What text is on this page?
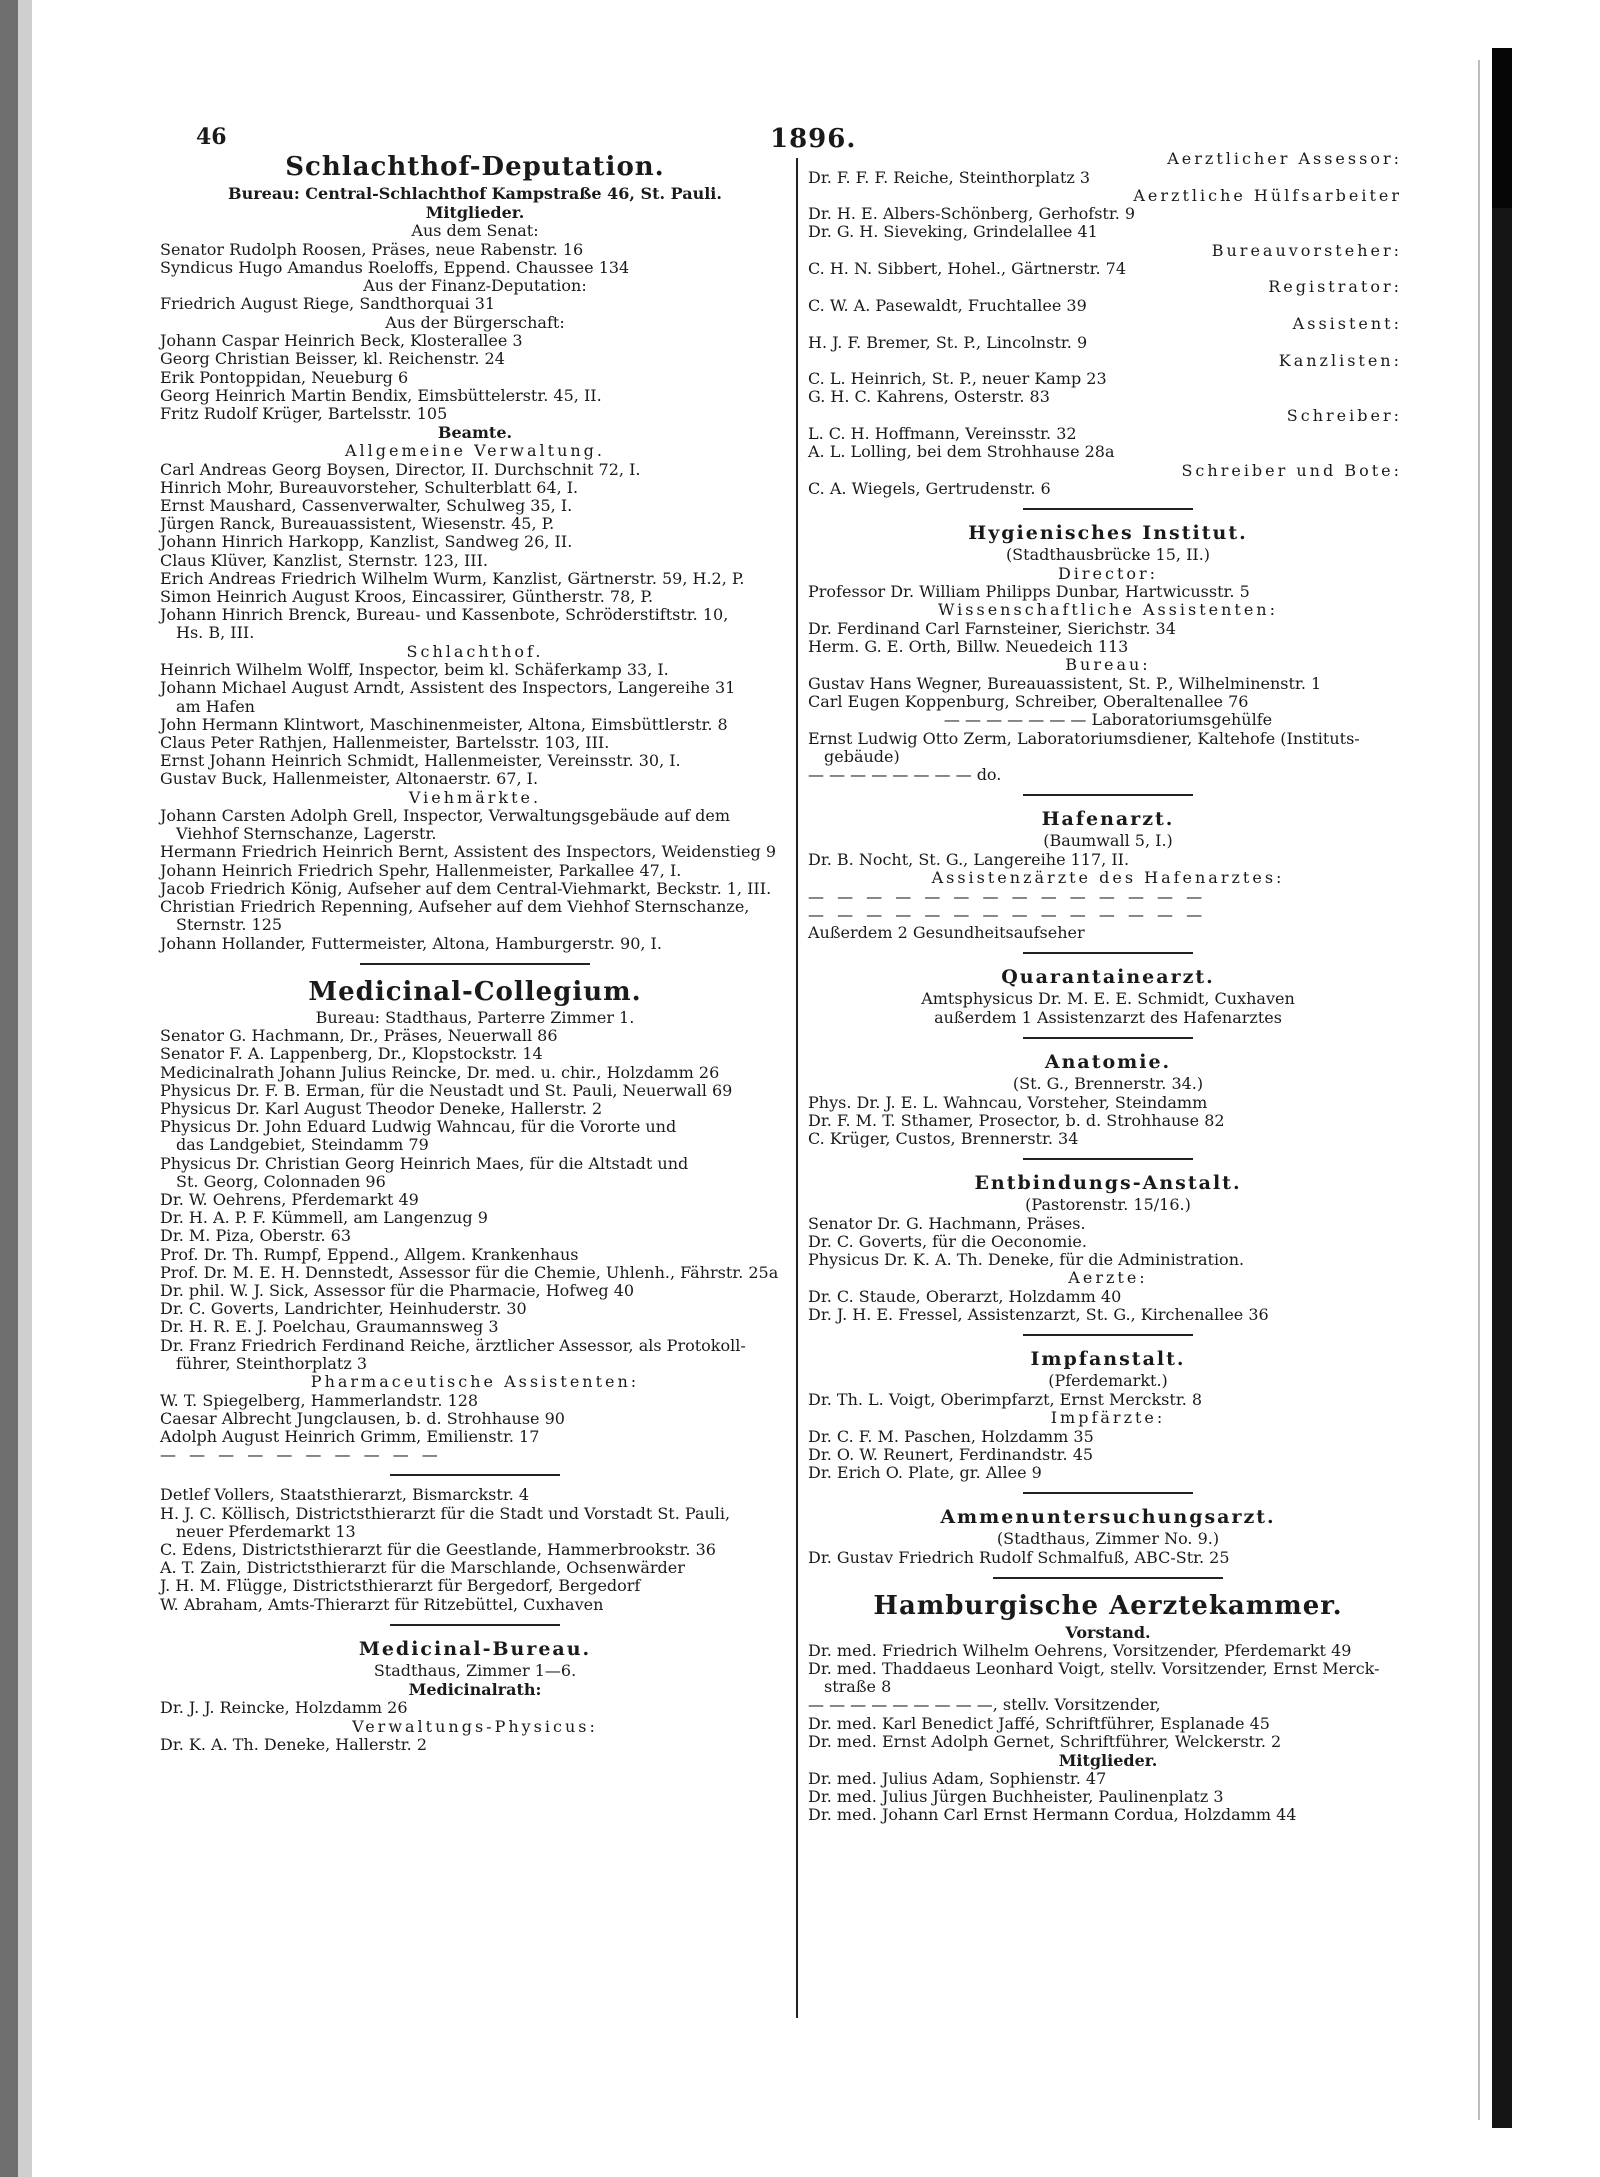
46	1896.
Schlachthof-Deputation.
Bureau: Central-Schlachthof Kampstraße 46, St. Pauli.
Mitglieder.
Aus dem Senat:
Senator Rudolph Roosen, Präses, neue Rabenstr. 16
Syndicus Hugo Amandus Roeloffs, Eppend. Chaussee 134
Aus der Finanz-Deputation:
Friedrich August Riege, Sandthorquai 31
Aus der Bürgerschaft:
Johann Caspar Heinrich Beck, Klosterallee 3
Georg Christian Beisser, kl. Reichenstr. 24
Erik Pontoppidan, Neueburg 6
Georg Heinrich Martin Bendix, Eimsbüttelerstr. 45, II.
Fritz Rudolf Krüger, Bartelsstr. 105
Beamte.
Allgemeine Verwaltung.
Carl Andreas Georg Boysen, Director, II. Durchschnit 72, I.
Hinrich Mohr, Bureauvorsteher, Schulterblatt 64, I.
Ernst Maushard, Cassenverwalter, Schulweg 35, I.
Jürgen Ranck, Bureauassistent, Wiesenstr. 45, P.
Johann Hinrich Harkopp, Kanzlist, Sandweg 26, II.
Claus Klüver, Kanzlist, Sternstr. 123, III.
Erich Andreas Friedrich Wilhelm Wurm, Kanzlist, Gärtnerstr. 59, H.2, P.
Simon Heinrich August Kroos, Eincassirer, Güntherstr. 78, P.
Johann Hinrich Brenck, Bureau- und Kassenbote, Schröderstiftstr. 10,
Hs. B, III.
Schlachthof.
Heinrich Wilhelm Wolff, Inspector, beim kl. Schäferkamp 33, I.
Johann Michael August Arndt, Assistent des Inspectors, Langereihe 31
am Hafen
John Hermann Klintwort, Maschinenmeister, Altona, Eimsbüttlerstr. 8
Claus Peter Rathjen, Hallenmeister, Bartelsstr. 103, III.
Ernst Johann Heinrich Schmidt, Hallenmeister, Vereinsstr. 30, I.
Gustav Buck, Hallenmeister, Altonaerstr. 67, I.
Viehmärkte.
Johann Carsten Adolph Grell, Inspector, Verwaltungsgebäude auf dem
Viehhof Sternschanze, Lagerstr.
Hermann Friedrich Heinrich Bernt, Assistent des Inspectors, Weidenstieg 9
Johann Heinrich Friedrich Spehr, Hallenmeister, Parkallee 47, I.
Jacob Friedrich König, Aufseher auf dem Central-Viehmarkt, Beckstr. 1, III.
Christian Friedrich Repenning, Aufseher auf dem Viehhof Sternschanze,
Sternstr. 125
Johann Hollander, Futtermeister, Altona, Hamburgerstr. 90, I.
Medicinal-Collegium.
Bureau: Stadthaus, Parterre Zimmer 1.
Senator G. Hachmann, Dr., Präses, Neuerwall 86
Senator F. A. Lappenberg, Dr., Klopstockstr. 14
Medicinalrath Johann Julius Reincke, Dr. med. u. chir., Holzdamm 26
Physicus Dr. F. B. Erman, für die Neustadt und St. Pauli, Neuerwall 69
Physicus Dr. Karl August Theodor Deneke, Hallerstr. 2
Physicus Dr. John Eduard Ludwig Wahncau, für die Vororte und
das Landgebiet, Steindamm 79
Physicus Dr. Christian Georg Heinrich Maes, für die Altstadt und
St. Georg, Colonnaden 96
Dr. W. Oehrens, Pferdemarkt 49
Dr. H. A. P. F. Kümmell, am Langenzug 9
Dr. M. Piza, Oberstr. 63
Prof. Dr. Th. Rumpf, Eppend., Allgem. Krankenhaus
Prof. Dr. M. E. H. Dennstedt, Assessor für die Chemie, Uhlenh., Fährstr. 25a
Dr. phil. W. J. Sick, Assessor für die Pharmacie, Hofweg 40
Dr. C. Goverts, Landrichter, Heinhuderstr. 30
Dr. H. R. E. J. Poelchau, Graumannsweg 3
Dr. Franz Friedrich Ferdinand Reiche, ärztlicher Assessor, als Protokoll-
führer, Steinthorplatz 3
Pharmaceutische Assistenten:
W. T. Spiegelberg, Hammerlandstr. 128
Caesar Albrecht Jungclausen, b. d. Strohhause 90
Adolph August Heinrich Grimm, Emilienstr. 17
— — — — — — — — — —
Detlef Vollers, Staatsthierarzt, Bismarckstr. 4
H. J. C. Köllisch, Districtsthierarzt für die Stadt und Vorstadt St. Pauli,
neuer Pferdemarkt 13
C. Edens, Districtsthierarzt für die Geestlande, Hammerbrookstr. 36
A. T. Zain, Districtsthierarzt für die Marschlande, Ochsenwärder
J. H. M. Flügge, Districtsthierarzt für Bergedorf, Bergedorf
W. Abraham, Amts-Thierarzt für Ritzebüttel, Cuxhaven
Medicinal-Bureau.
Stadthaus, Zimmer 1—6.
Medicinalrath:
Dr. J. J. Reincke, Holzdamm 26
Verwaltungs-Physicus:
Dr. K. A. Th. Deneke, Hallerstr. 2
Aerztlicher Assessor:
Dr. F. F. F. Reiche, Steinthorplatz 3
Aerztliche Hülfsarbeiter
Dr. H. E. Albers-Schönberg, Gerhofstr. 9
Dr. G. H. Sieveking, Grindelallee 41
Bureauvorsteher:
C. H. N. Sibbert, Hohel., Gärtnerstr. 74
Registrator:
C. W. A. Pasewaldt, Fruchtallee 39
Assistent:
H. J. F. Bremer, St. P., Lincolnstr. 9
Kanzlisten:
C. L. Heinrich, St. P., neuer Kamp 23
G. H. C. Kahrens, Osterstr. 83
Schreiber:
L. C. H. Hoffmann, Vereinsstr. 32
A. L. Lolling, bei dem Strohhause 28a
Schreiber und Bote:
C. A. Wiegels, Gertrudenstr. 6
Hygienisches Institut.
(Stadthausbrücke 15, II.)
Director:
Professor Dr. William Philipps Dunbar, Hartwicusstr. 5
Wissenschaftliche Assistenten:
Dr. Ferdinand Carl Farnsteiner, Sierichstr. 34
Herm. G. E. Orth, Billw. Neuedeich 113
Bureau:
Gustav Hans Wegner, Bureauassistent, St. P., Wilhelminenstr. 1
Carl Eugen Koppenburg, Schreiber, Oberaltenallee 76
— — — — — — — Laboratoriumsgehülfe
Ernst Ludwig Otto Zerm, Laboratoriumsdiener, Kaltehofe (Instituts-
gebäude)
— — — — — — — — do.
Hafenarzt.
(Baumwall 5, I.)
Dr. B. Nocht, St. G., Langereihe 117, II.
Assistenzärzte des Hafenarztes:
— — — — — — — — — — — — — —
— — — — — — — — — — — — — —
Außerdem 2 Gesundheitsaufseher
Quarantainearzt.
Amtsphysicus Dr. M. E. E. Schmidt, Cuxhaven
außerdem 1 Assistenzarzt des Hafenarztes
Anatomie.
(St. G., Brennerstr. 34.)
Phys. Dr. J. E. L. Wahncau, Vorsteher, Steindamm
Dr. F. M. T. Sthamer, Prosector, b. d. Strohhause 82
C. Krüger, Custos, Brennerstr. 34
Entbindungs-Anstalt.
(Pastorenstr. 15/16.)
Senator Dr. G. Hachmann, Präses.
Dr. C. Goverts, für die Oeconomie.
Physicus Dr. K. A. Th. Deneke, für die Administration.
Aerzte:
Dr. C. Staude, Oberarzt, Holzdamm 40
Dr. J. H. E. Fressel, Assistenzarzt, St. G., Kirchenallee 36
Impfanstalt.
(Pferdemarkt.)
Dr. Th. L. Voigt, Oberimpfarzt, Ernst Merckstr. 8
Impfärzte:
Dr. C. F. M. Paschen, Holzdamm 35
Dr. O. W. Reunert, Ferdinandstr. 45
Dr. Erich O. Plate, gr. Allee 9
Ammenuntersuchungsarzt.
(Stadthaus, Zimmer No. 9.)
Dr. Gustav Friedrich Rudolf Schmalfuß, ABC-Str. 25
Hamburgische Aerztekammer.
Vorstand.
Dr. med. Friedrich Wilhelm Oehrens, Vorsitzender, Pferdemarkt 49
Dr. med. Thaddaeus Leonhard Voigt, stellv. Vorsitzender, Ernst Merck-
straße 8
— — — — — — — — —, stellv. Vorsitzender,
Dr. med. Karl Benedict Jaffé, Schriftführer, Esplanade 45
Dr. med. Ernst Adolph Gernet, Schriftführer, Welckerstr. 2
Mitglieder.
Dr. med. Julius Adam, Sophienstr. 47
Dr. med. Julius Jürgen Buchheister, Paulinenplatz 3
Dr. med. Johann Carl Ernst Hermann Cordua, Holzdamm 44
